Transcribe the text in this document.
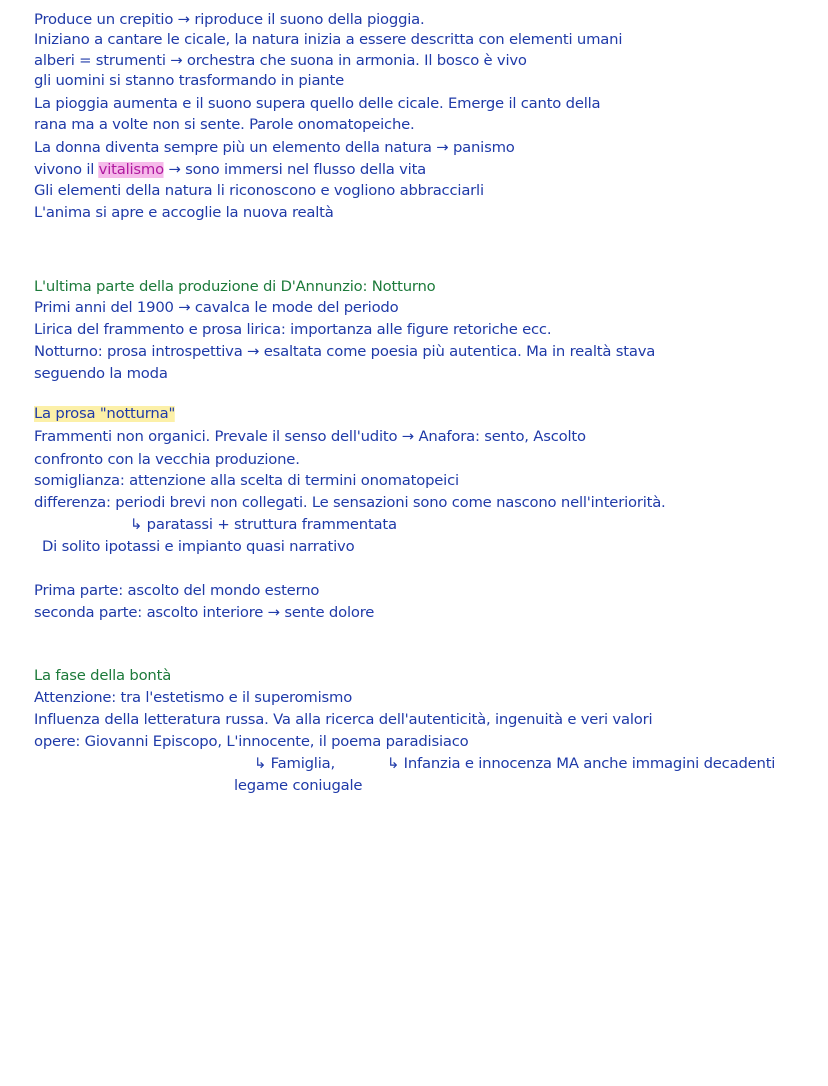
Produce un crepitio → riproduce il suono della pioggia.
Iniziano a cantare le cicale, la natura inizia a essere descritta con elementi umani
alberi = strumenti → orchestra che suona in armonia. Il bosco è vivo
gli uomini si stanno trasformando in piante
La pioggia aumenta e il suono supera quello delle cicale. Emerge il canto della
rana ma a volte non si sente. Parole onomatopeiche.
La donna diventa sempre più un elemento della natura → panismo
vivono il vitalismo → sono immersi nel flusso della vita
Gli elementi della natura li riconoscono e vogliono abbracciarli
L'anima si apre e accoglie la nuova realtà
L'ultima parte della produzione di D'Annunzio: Notturno
Primi anni del 1900 → cavalca le mode del periodo
Lirica del frammento e prosa lirica: importanza alle figure retoriche ecc.
Notturno: prosa introspettiva → esaltata come poesia più autentica. Ma in realtà stava
seguendo la moda
La prosa "notturna"
Frammenti non organici. Prevale il senso dell'udito → Anafora: sento, Ascolto
confronto con la vecchia produzione.
somiglianza: attenzione alla scelta di termini onomatopeici
differenza: periodi brevi non collegati. Le sensazioni sono come nascono nell'interiorità.
↳ paratassi + struttura frammentata
Di solito ipotassi e impianto quasi narrativo
Prima parte: ascolto del mondo esterno
seconda parte: ascolto interiore → sente dolore
La fase della bontà
Attenzione: tra l'estetismo e il superomismo
Influenza della letteratura russa. Va alla ricerca dell'autenticità, ingenuità e veri valori
opere: Giovanni Episcopo, L'innocente, il poema paradisiaco
↳ Famiglia,	↳ Infanzia e innocenza MA anche immagini decadenti
legame coniugale
